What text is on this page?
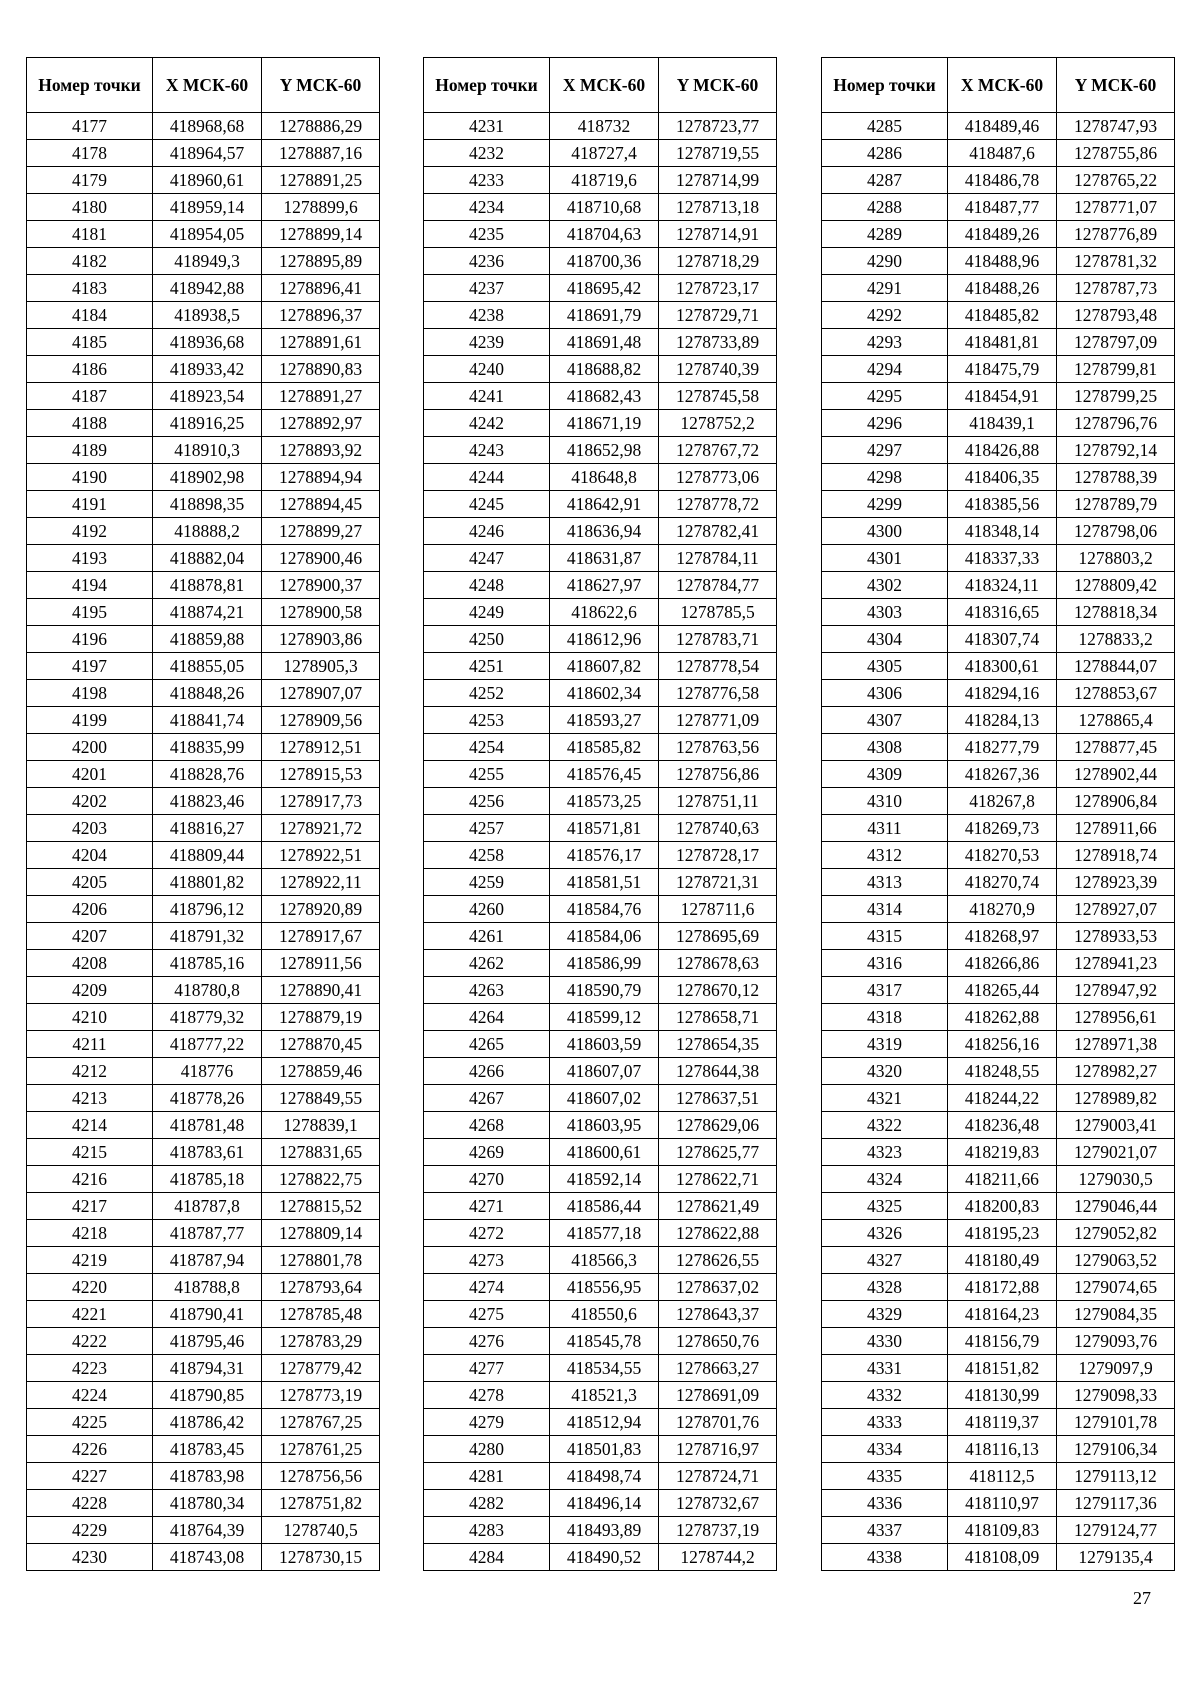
Номер точки	X МСК-60	Y МСК-60
4177	418968,68	1278886,29
4178	418964,57	1278887,16
4179	418960,61	1278891,25
4180	418959,14	1278899,6
4181	418954,05	1278899,14
4182	418949,3	1278895,89
4183	418942,88	1278896,41
4184	418938,5	1278896,37
4185	418936,68	1278891,61
4186	418933,42	1278890,83
4187	418923,54	1278891,27
4188	418916,25	1278892,97
4189	418910,3	1278893,92
4190	418902,98	1278894,94
4191	418898,35	1278894,45
4192	418888,2	1278899,27
4193	418882,04	1278900,46
4194	418878,81	1278900,37
4195	418874,21	1278900,58
4196	418859,88	1278903,86
4197	418855,05	1278905,3
4198	418848,26	1278907,07
4199	418841,74	1278909,56
4200	418835,99	1278912,51
4201	418828,76	1278915,53
4202	418823,46	1278917,73
4203	418816,27	1278921,72
4204	418809,44	1278922,51
4205	418801,82	1278922,11
4206	418796,12	1278920,89
4207	418791,32	1278917,67
4208	418785,16	1278911,56
4209	418780,8	1278890,41
4210	418779,32	1278879,19
4211	418777,22	1278870,45
4212	418776	1278859,46
4213	418778,26	1278849,55
4214	418781,48	1278839,1
4215	418783,61	1278831,65
4216	418785,18	1278822,75
4217	418787,8	1278815,52
4218	418787,77	1278809,14
4219	418787,94	1278801,78
4220	418788,8	1278793,64
4221	418790,41	1278785,48
4222	418795,46	1278783,29
4223	418794,31	1278779,42
4224	418790,85	1278773,19
4225	418786,42	1278767,25
4226	418783,45	1278761,25
4227	418783,98	1278756,56
4228	418780,34	1278751,82
4229	418764,39	1278740,5
4230	418743,08	1278730,15
Номер точки	X МСК-60	Y МСК-60
4231	418732	1278723,77
4232	418727,4	1278719,55
4233	418719,6	1278714,99
4234	418710,68	1278713,18
4235	418704,63	1278714,91
4236	418700,36	1278718,29
4237	418695,42	1278723,17
4238	418691,79	1278729,71
4239	418691,48	1278733,89
4240	418688,82	1278740,39
4241	418682,43	1278745,58
4242	418671,19	1278752,2
4243	418652,98	1278767,72
4244	418648,8	1278773,06
4245	418642,91	1278778,72
4246	418636,94	1278782,41
4247	418631,87	1278784,11
4248	418627,97	1278784,77
4249	418622,6	1278785,5
4250	418612,96	1278783,71
4251	418607,82	1278778,54
4252	418602,34	1278776,58
4253	418593,27	1278771,09
4254	418585,82	1278763,56
4255	418576,45	1278756,86
4256	418573,25	1278751,11
4257	418571,81	1278740,63
4258	418576,17	1278728,17
4259	418581,51	1278721,31
4260	418584,76	1278711,6
4261	418584,06	1278695,69
4262	418586,99	1278678,63
4263	418590,79	1278670,12
4264	418599,12	1278658,71
4265	418603,59	1278654,35
4266	418607,07	1278644,38
4267	418607,02	1278637,51
4268	418603,95	1278629,06
4269	418600,61	1278625,77
4270	418592,14	1278622,71
4271	418586,44	1278621,49
4272	418577,18	1278622,88
4273	418566,3	1278626,55
4274	418556,95	1278637,02
4275	418550,6	1278643,37
4276	418545,78	1278650,76
4277	418534,55	1278663,27
4278	418521,3	1278691,09
4279	418512,94	1278701,76
4280	418501,83	1278716,97
4281	418498,74	1278724,71
4282	418496,14	1278732,67
4283	418493,89	1278737,19
4284	418490,52	1278744,2
Номер точки	X МСК-60	Y МСК-60
4285	418489,46	1278747,93
4286	418487,6	1278755,86
4287	418486,78	1278765,22
4288	418487,77	1278771,07
4289	418489,26	1278776,89
4290	418488,96	1278781,32
4291	418488,26	1278787,73
4292	418485,82	1278793,48
4293	418481,81	1278797,09
4294	418475,79	1278799,81
4295	418454,91	1278799,25
4296	418439,1	1278796,76
4297	418426,88	1278792,14
4298	418406,35	1278788,39
4299	418385,56	1278789,79
4300	418348,14	1278798,06
4301	418337,33	1278803,2
4302	418324,11	1278809,42
4303	418316,65	1278818,34
4304	418307,74	1278833,2
4305	418300,61	1278844,07
4306	418294,16	1278853,67
4307	418284,13	1278865,4
4308	418277,79	1278877,45
4309	418267,36	1278902,44
4310	418267,8	1278906,84
4311	418269,73	1278911,66
4312	418270,53	1278918,74
4313	418270,74	1278923,39
4314	418270,9	1278927,07
4315	418268,97	1278933,53
4316	418266,86	1278941,23
4317	418265,44	1278947,92
4318	418262,88	1278956,61
4319	418256,16	1278971,38
4320	418248,55	1278982,27
4321	418244,22	1278989,82
4322	418236,48	1279003,41
4323	418219,83	1279021,07
4324	418211,66	1279030,5
4325	418200,83	1279046,44
4326	418195,23	1279052,82
4327	418180,49	1279063,52
4328	418172,88	1279074,65
4329	418164,23	1279084,35
4330	418156,79	1279093,76
4331	418151,82	1279097,9
4332	418130,99	1279098,33
4333	418119,37	1279101,78
4334	418116,13	1279106,34
4335	418112,5	1279113,12
4336	418110,97	1279117,36
4337	418109,83	1279124,77
4338	418108,09	1279135,4
27
